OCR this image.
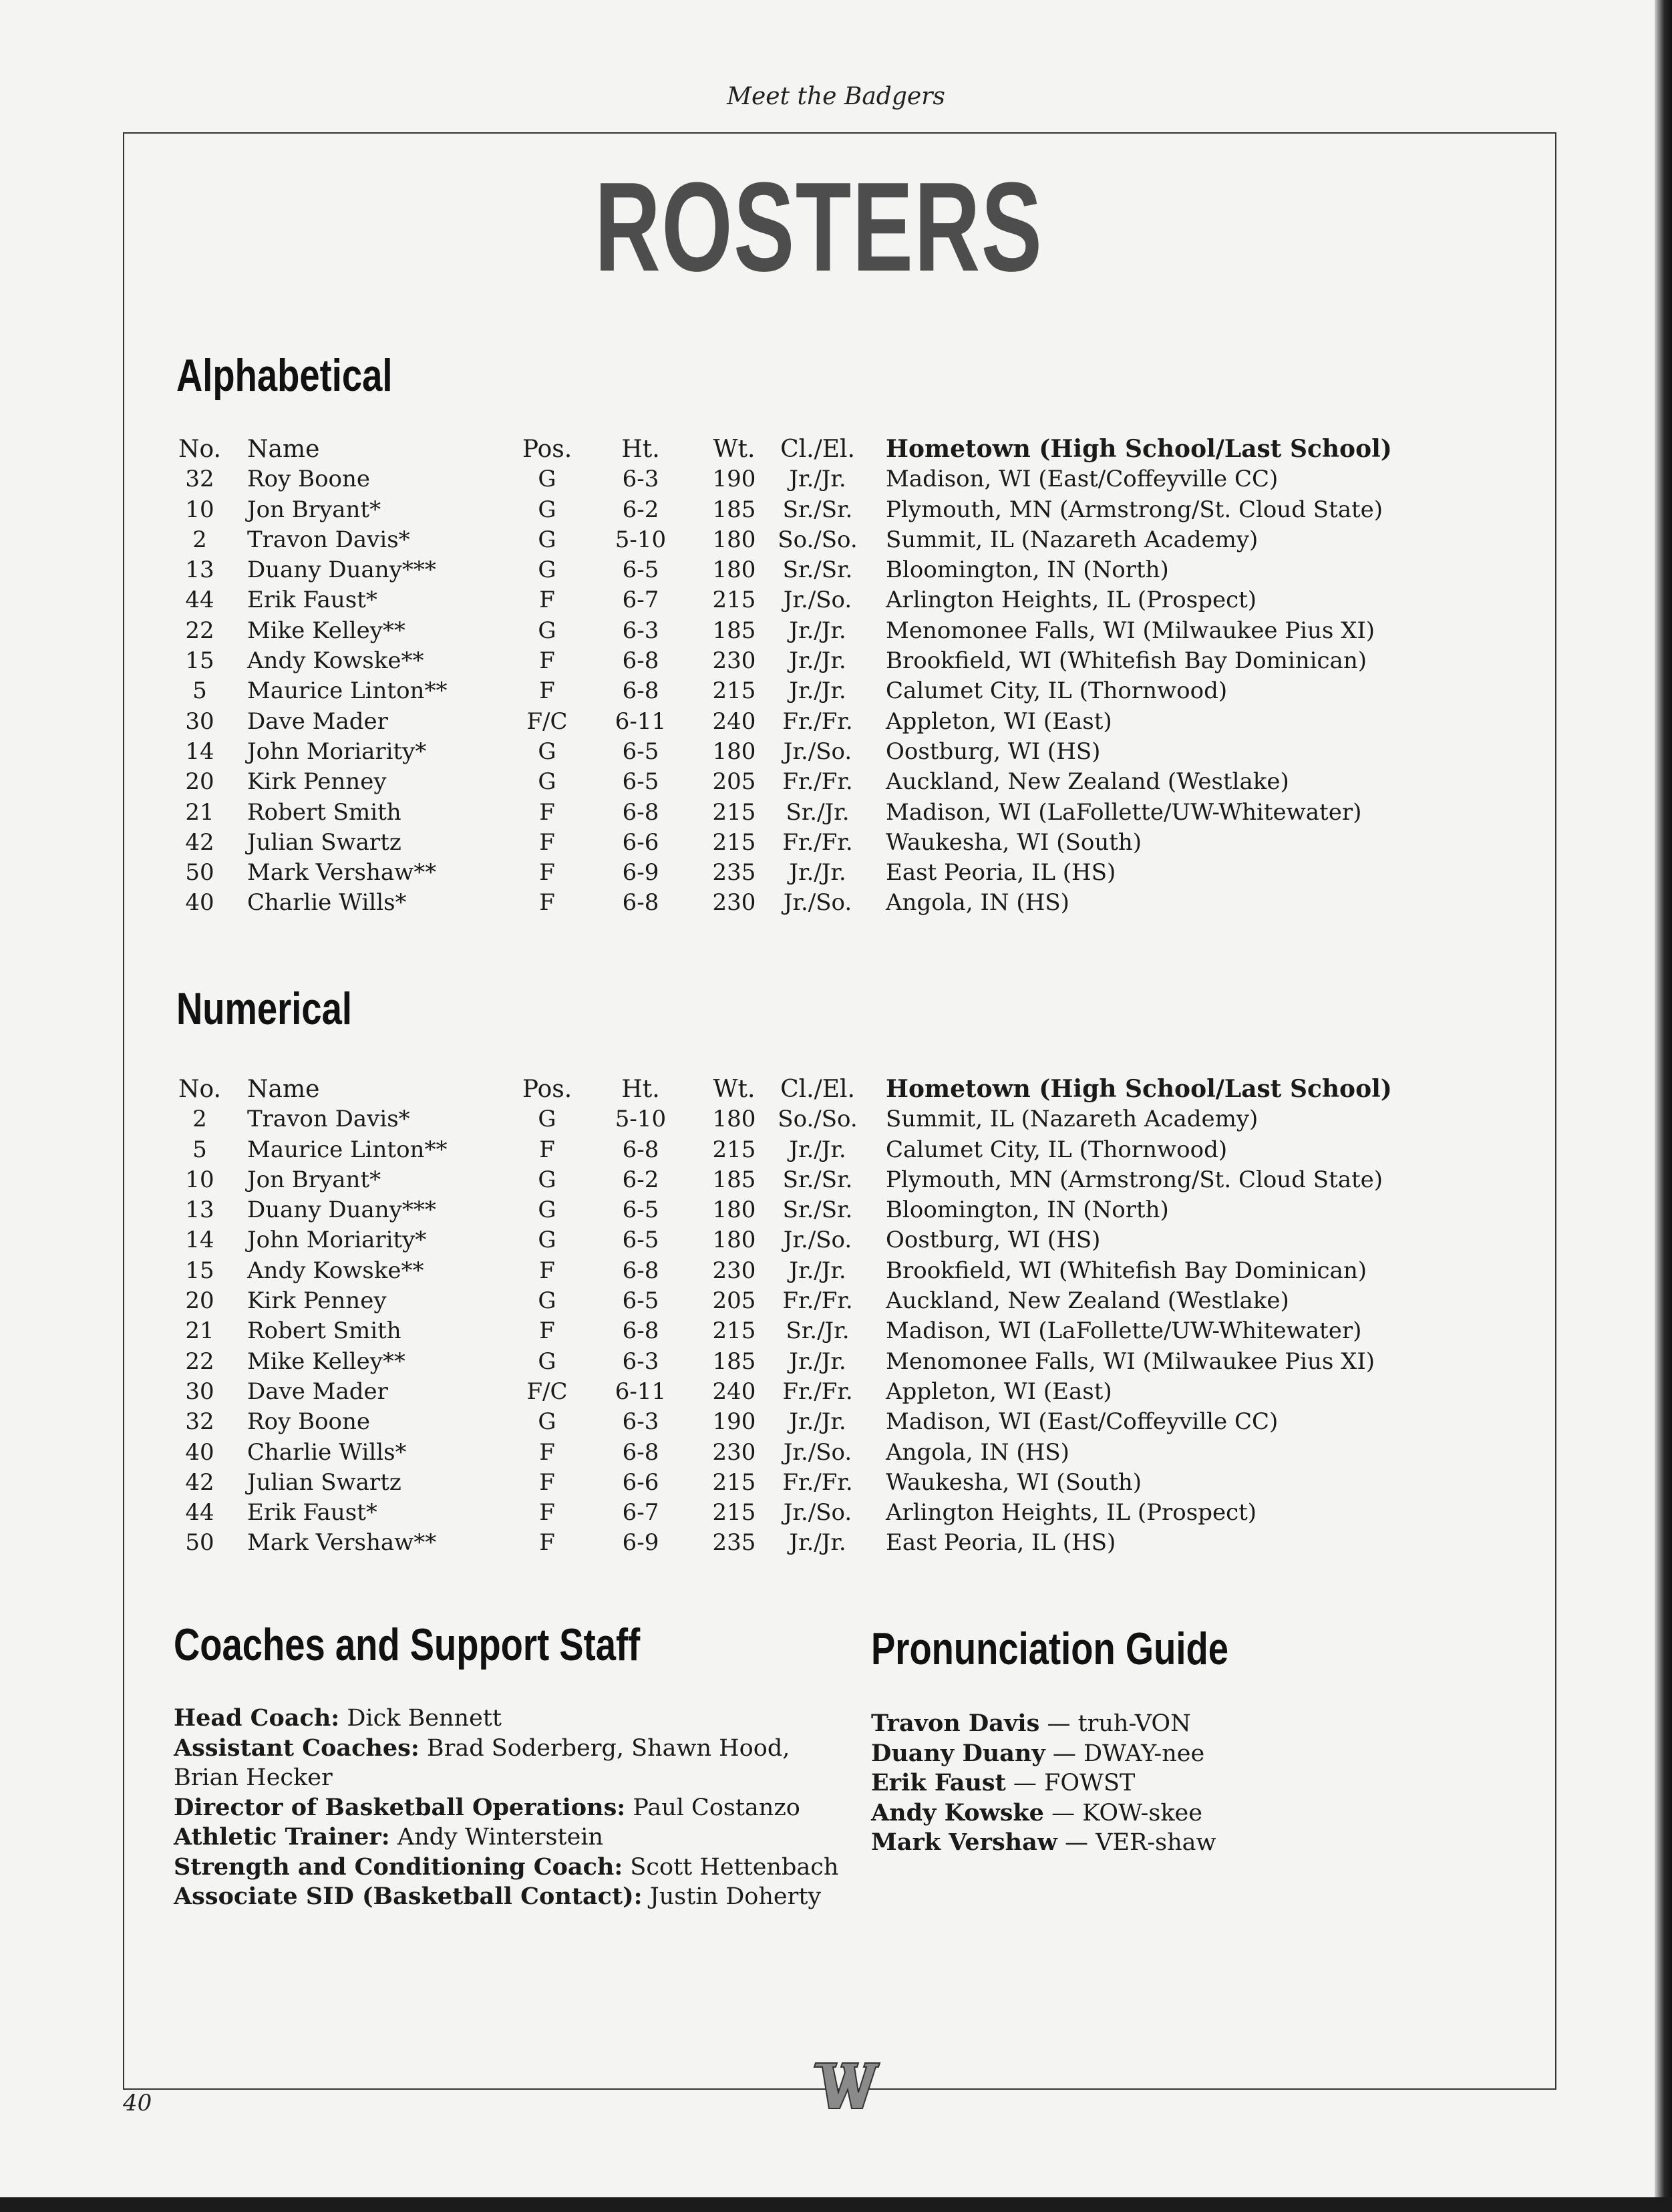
Meet the Badgers

ROSTERS
Alphabetical
No. Name	Pos.	Ht.	Wt.	Cl./El.	Hometown (High School/Last School)
32	Roy Boone	G	6-3	190	Jr./Jr.	Madison, WI (East/Coffeyville CC)
10	Jon Bryant*	G	6-2	185	Sr./Sr.	Plymouth, MN (Armstrong/St. Cloud State)
2	Travon Davis*	G	5-10	180 So./So.	Summit, IL (Nazareth Academy)
13	Duany Duany***	G	6-5	180	Sr./Sr.	Bloomington, IN (North)
44	Erik Faust*	F	6-7	215	Jr./So.	Arlington Heights, IL (Prospect)
22	Mike Kelley**	G	6-3	185	Jr./Jr.	Menomonee Falls, WI (Milwaukee Pius XI)
15	Andy Kowske**	F	6-8	230	Jr./Jr.	Brookfield, WI (Whitefish Bay Dominican)
5	Maurice Linton**	F	6-8	215	Jr./Jr.	Calumet City, IL (Thornwood)
30	Dave Mader	F/C	6-11	240	Fr./Fr.	Appleton, WI (East)
14	John Moriarity*	G	6-5	180	Jr./So.	Oostburg, WI (HS)
20	Kirk Penney	G	6-5	205	Fr./Fr.	Auckland, New Zealand (Westlake)
21	Robert Smith	F	6-8	215	Sr./Jr.	Madison, WI (LaFollette/UW-Whitewater)
42	Julian Swartz	F	6-6	215	Fr./Fr.	Waukesha, WI (South)
50	Mark Vershaw**	F	6-9	235	Jr./Jr.	East Peoria, IL (HS)
40	Charlie Wills*	F	6-8	230	Jr./So.	Angola, IN (HS)
Numerical
No. Name	Pos.	Ht.	Wt.	Cl./El.	Hometown (High School/Last School)
2	Travon Davis*	G	5-10	180 So./So.	Summit, IL (Nazareth Academy)
5	Maurice Linton**	F	6-8	215	Jr./Jr.	Calumet City, IL (Thornwood)
10	Jon Bryant*	G	6-2	185	Sr./Sr.	Plymouth, MN (Armstrong/St. Cloud State)
13	Duany Duany***	G	6-5	180	Sr./Sr.	Bloomington, IN (North)
14	John Moriarity*	G	6-5	180	Jr./So.	Oostburg, WI (HS)
15	Andy Kowske**	F	6-8	230	Jr./Jr.	Brookfield, WI (Whitefish Bay Dominican)
20	Kirk Penney	G	6-5	205	Fr./Fr.	Auckland, New Zealand (Westlake)
21	Robert Smith	F	6-8	215	Sr./Jr.	Madison, WI (LaFollette/UW-Whitewater)
22	Mike Kelley**	G	6-3	185	Jr./Jr.	Menomonee Falls, WI (Milwaukee Pius XI)
30	Dave Mader	F/C	6-11	240	Fr./Fr.	Appleton, WI (East)
32	Roy Boone	G	6-3	190	Jr./Jr.	Madison, WI (East/Coffeyville CC)
40	Charlie Wills*	F	6-8	230	Jr./So.	Angola, IN (HS)
42	Julian Swartz	F	6-6	215	Fr./Fr.	Waukesha, WI (South)
44	Erik Faust*	F	6-7	215	Jr./So.	Arlington Heights, IL (Prospect)
50	Mark Vershaw**	F	6-9	235	Jr./Jr.	East Peoria, IL (HS)
Coaches and Support Staff

Head Coach: Dick Bennett

Assistant Coaches: Brad Soderberg, Shawn Hood,

Brian Hecker

Director of Basketball Operations: Paul Costanzo

Athletic Trainer: Andy Winterstein

Strength and Conditioning Coach: Scott Hettenbach

Associate SID (Basketball Contact): Justin Doherty

Pronunciation Guide

Travon Davis — truh-VON

Duany Duany — DWAY-nee

Erik Faust — FOWST

Andy Kowske — KOW-skee

Mark Vershaw — VER-shaw

40
